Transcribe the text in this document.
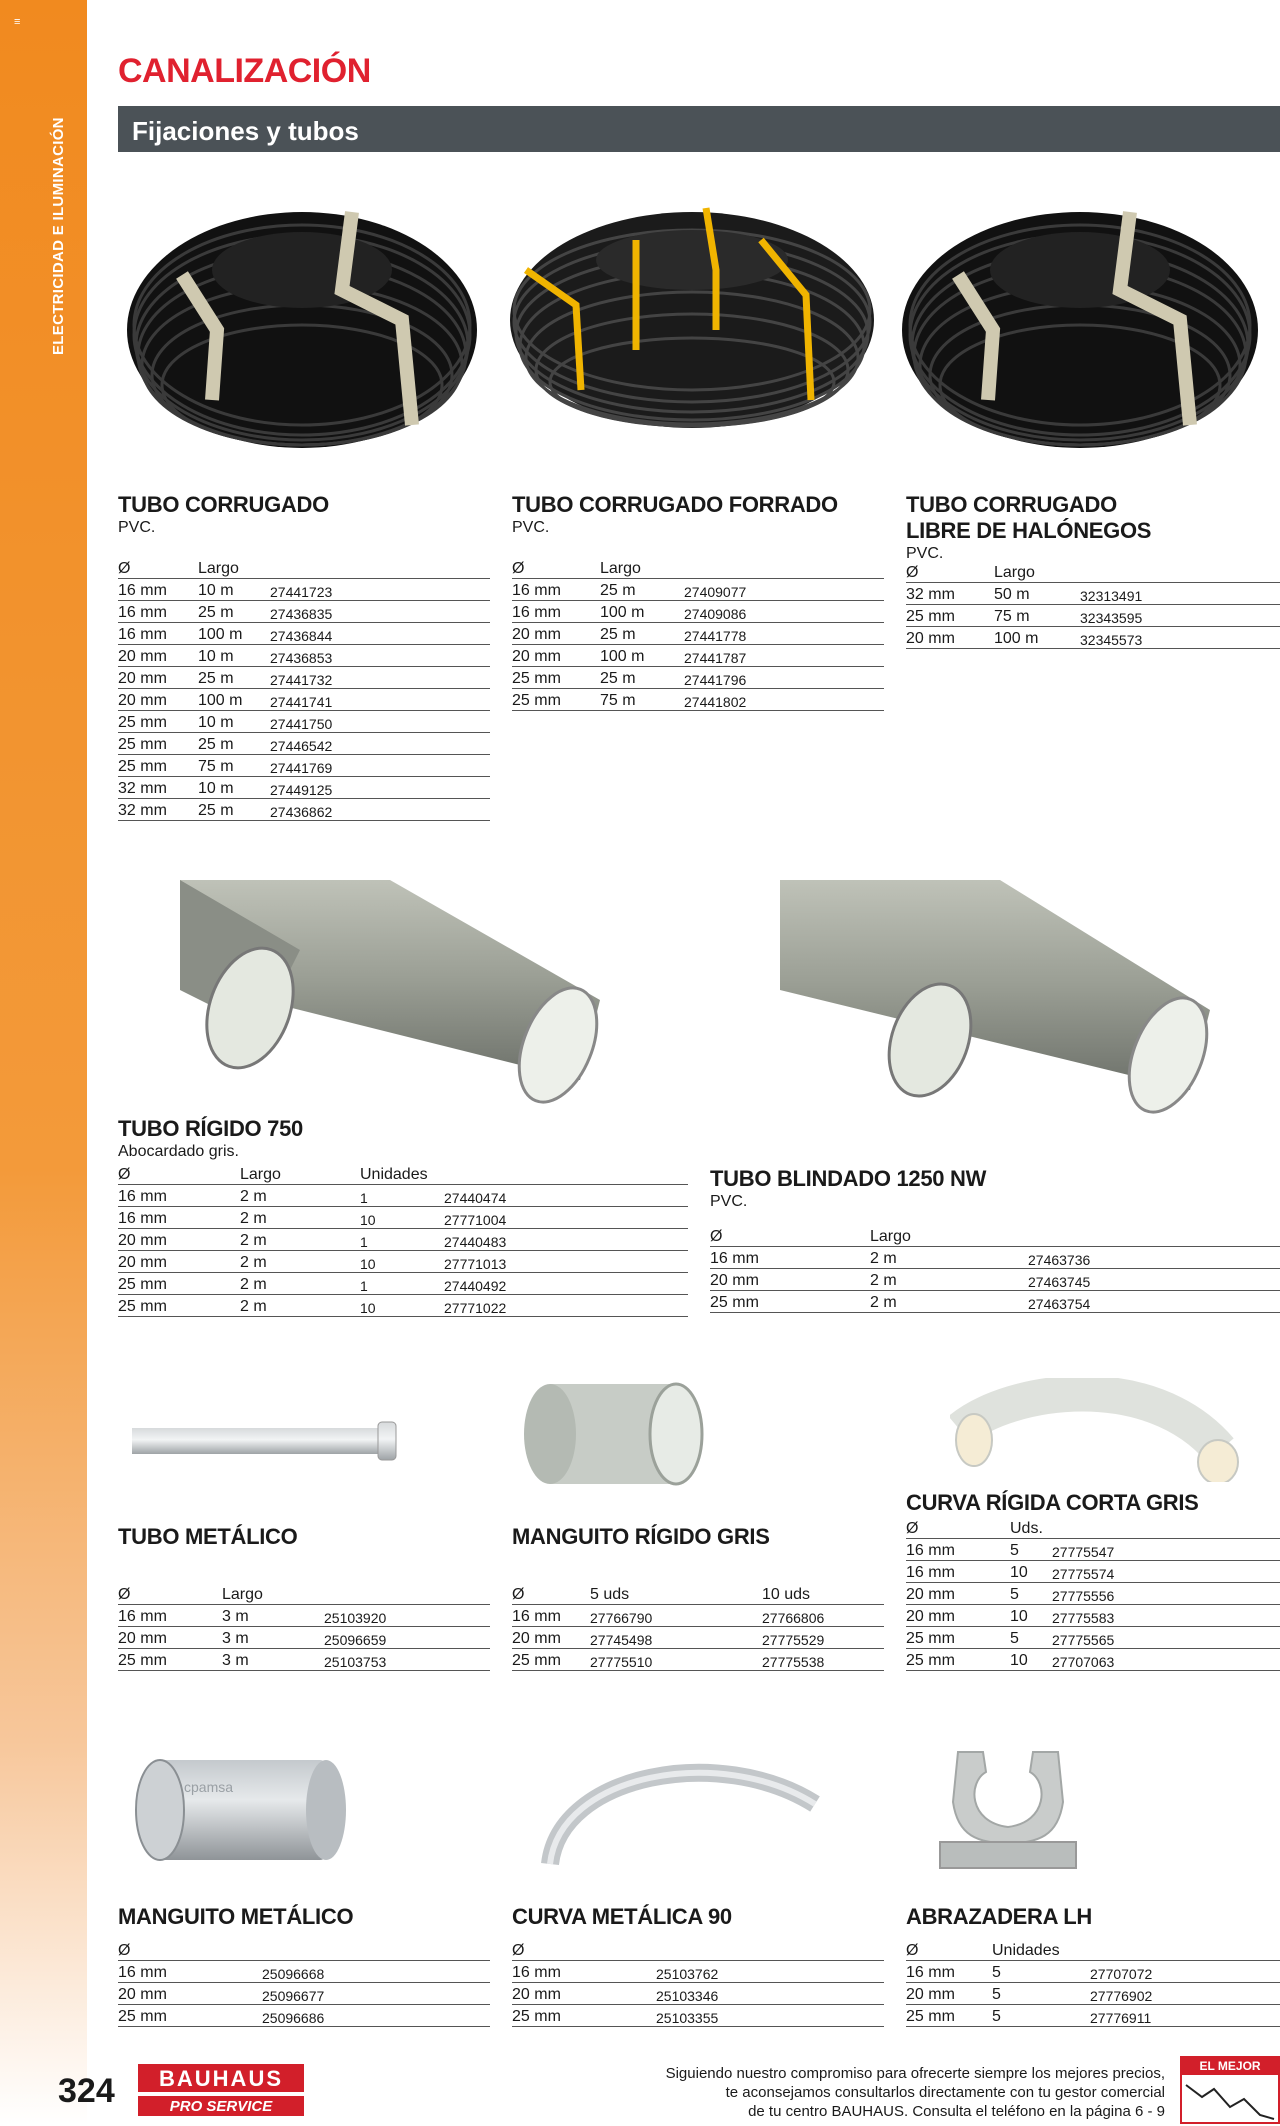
≡
ELECTRICIDAD E ILUMINACIÓN
CANALIZACIÓN
Fijaciones y tubos
TUBO CORRUGADO
PVC.
Ø	Largo	
16 mm	10 m	27441723
16 mm	25 m	27436835
16 mm	100 m	27436844
20 mm	10 m	27436853
20 mm	25 m	27441732
20 mm	100 m	27441741
25 mm	10 m	27441750
25 mm	25 m	27446542
25 mm	75 m	27441769
32 mm	10 m	27449125
32 mm	25 m	27436862
TUBO CORRUGADO FORRADO
PVC.
Ø	Largo	
16 mm	25 m	27409077
16 mm	100 m	27409086
20 mm	25 m	27441778
20 mm	100 m	27441787
25 mm	25 m	27441796
25 mm	75 m	27441802
TUBO CORRUGADO
LIBRE DE HALÓNEGOS
PVC.
Ø	Largo	
32 mm	50 m	32313491
25 mm	75 m	32343595
20 mm	100 m	32345573
TUBO RÍGIDO 750
Abocardado gris.
Ø	Largo	Unidades	
16 mm	2 m	1	27440474
16 mm	2 m	10	27771004
20 mm	2 m	1	27440483
20 mm	2 m	10	27771013
25 mm	2 m	1	27440492
25 mm	2 m	10	27771022
TUBO BLINDADO 1250 NW
PVC.
Ø	Largo	
16 mm	2 m	27463736
20 mm	2 m	27463745
25 mm	2 m	27463754
TUBO METÁLICO
Ø	Largo	
16 mm	3 m	25103920
20 mm	3 m	25096659
25 mm	3 m	25103753
MANGUITO RÍGIDO GRIS
Ø	5 uds	10 uds
16 mm	27766790	27766806
20 mm	27745498	27775529
25 mm	27775510	27775538
CURVA RÍGIDA CORTA GRIS
Ø	Uds.	
16 mm	5	27775547
16 mm	10	27775574
20 mm	5	27775556
20 mm	10	27775583
25 mm	5	27775565
25 mm	10	27707063
cpamsa
MANGUITO METÁLICO
Ø	
16 mm	25096668
20 mm	25096677
25 mm	25096686
CURVA METÁLICA 90
Ø	
16 mm	25103762
20 mm	25103346
25 mm	25103355
ABRAZADERA LH
Ø	Unidades	
16 mm	5	27707072
20 mm	5	27776902
25 mm	5	27776911
324 BAUHAUS
PRO SERVICE
Siguiendo nuestro compromiso para ofrecerte siempre los mejores precios,
te aconsejamos consultarlos directamente con tu gestor comercial
de tu centro BAUHAUS. Consulta el teléfono en la página 6 - 9
EL MEJOR PRECIO
